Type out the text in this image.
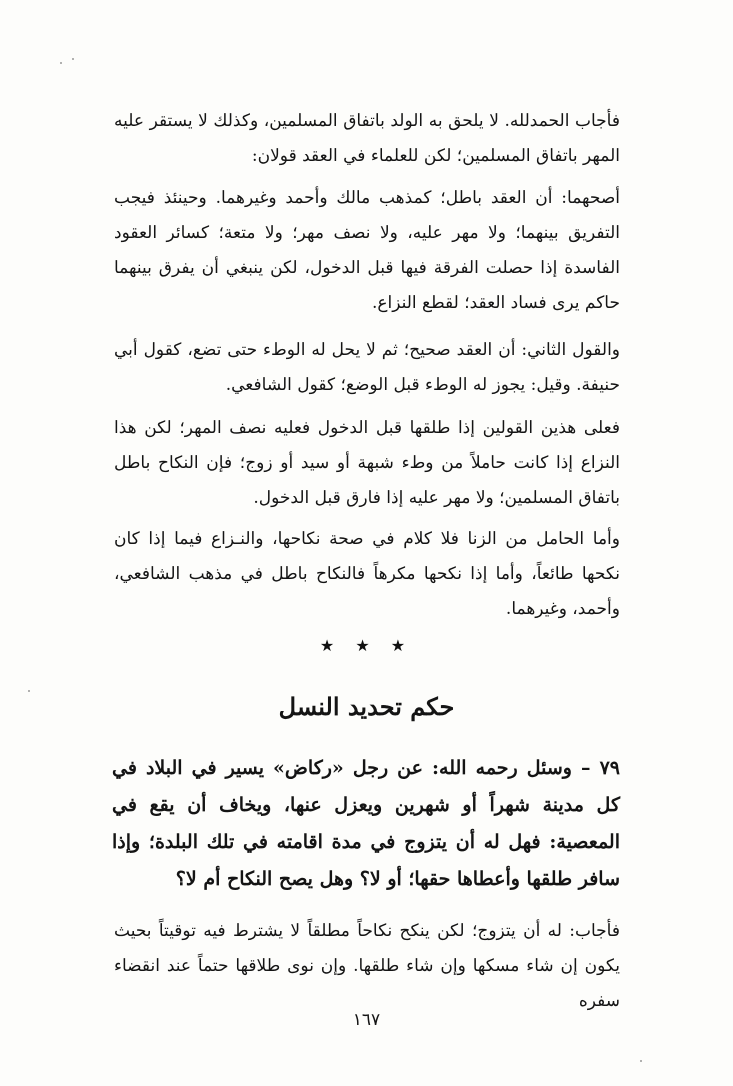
فأجاب الحمدلله. لا يلحق به الولد باتفاق المسلمين، وكذلك لا يستقر عليه المهر باتفاق المسلمين؛ لكن للعلماء في العقد قولان:

أصحهما: أن العقد باطل؛ كمذهب مالك وأحمد وغيرهما. وحينئذ فيجب التفريق بينهما؛ ولا مهر عليه، ولا نصف مهر؛ ولا متعة؛ كسائر العقود الفاسدة إذا حصلت الفرقة فيها قبل الدخول، لكن ينبغي أن يفرق بينهما حاكم يرى فساد العقد؛ لقطع النزاع.

والقول الثاني: أن العقد صحيح؛ ثم لا يحل له الوطء حتى تضع، كقول أبي حنيفة. وقيل: يجوز له الوطء قبل الوضع؛ كقول الشافعي.

فعلى هذين القولين إذا طلقها قبل الدخول فعليه نصف المهر؛ لكن هذا النزاع إذا كانت حاملاً من وطء شبهة أو سيد أو زوج؛ فإن النكاح باطل باتفاق المسلمين؛ ولا مهر عليه إذا فارق قبل الدخول.

وأما الحامل من الزنا فلا كلام في صحة نكاحها، والنـزاع فيما إذا كان نكحها طائعاً، وأما إذا نكحها مكرهاً فالنكاح باطل في مذهب الشافعي، وأحمد، وغيرهما.

★ ★ ★
حكم تحديد النسل

٧٩ – وسئل رحمه الله: عن رجل «ركاض» يسير في البلاد في كل مدينة شهراً أو شهرين ويعزل عنها، ويخاف أن يقع في المعصية: فهل له أن يتزوج في مدة اقامته في تلك البلدة؛ وإذا سافر طلقها وأعطاها حقها؛ أو لا؟ وهل يصح النكاح أم لا؟

فأجاب: له أن يتزوج؛ لكن ينكح نكاحاً مطلقاً لا يشترط فيه توقيتاً بحيث يكون إن شاء مسكها وإن شاء طلقها. وإن نوى طلاقها حتماً عند انقضاء سفره

١٦٧
